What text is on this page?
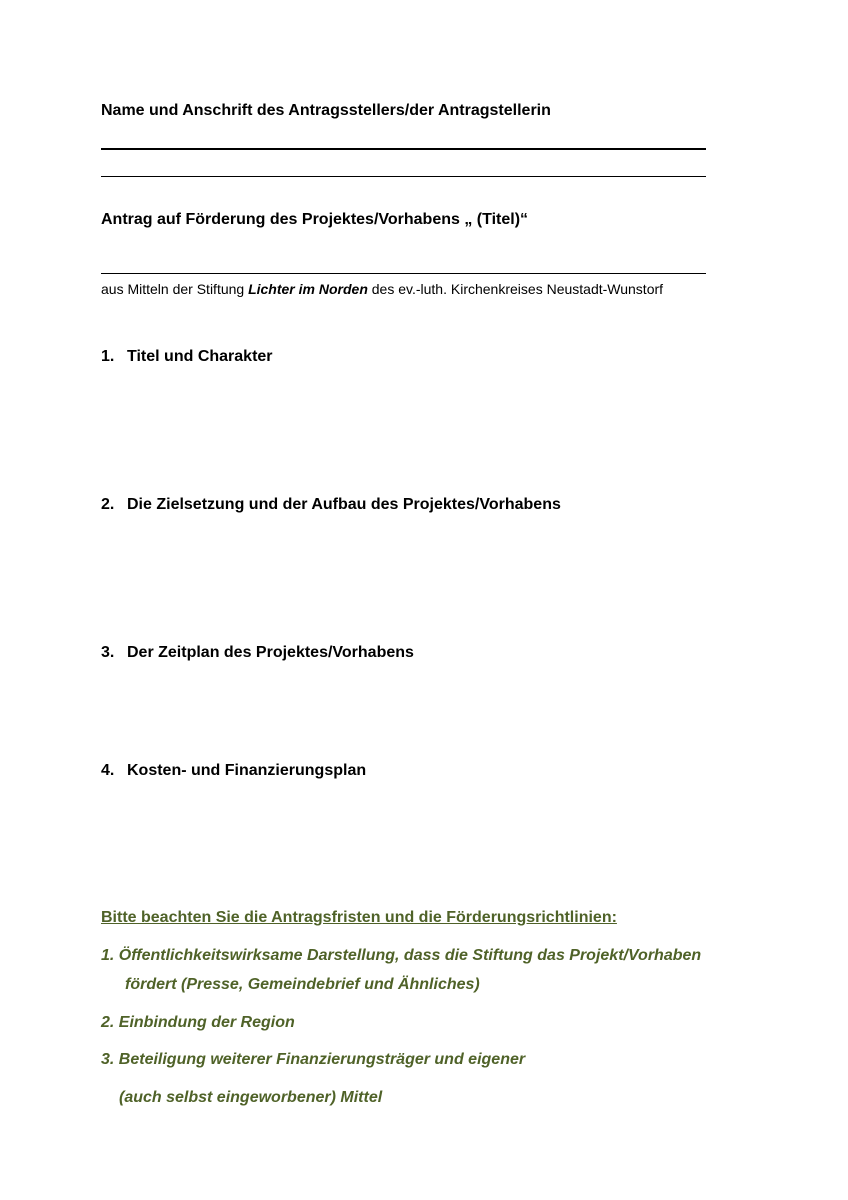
Name und Anschrift des Antragsstellers/der Antragstellerin
Antrag auf Förderung des Projektes/Vorhabens „ (Titel)“
aus Mitteln der Stiftung Lichter im Norden des ev.-luth. Kirchenkreises Neustadt-Wunstorf
1. Titel und Charakter
2. Die Zielsetzung und der Aufbau des Projektes/Vorhabens
3. Der Zeitplan des Projektes/Vorhabens
4. Kosten- und Finanzierungsplan
Bitte beachten Sie die Antragsfristen und die Förderungsrichtlinien:
1. Öffentlichkeitswirksame Darstellung, dass die Stiftung das Projekt/Vorhaben
fördert (Presse, Gemeindebrief und Ähnliches)
2. Einbindung der Region
3. Beteiligung weiterer Finanzierungsträger und eigener
(auch selbst eingeworbener) Mittel
